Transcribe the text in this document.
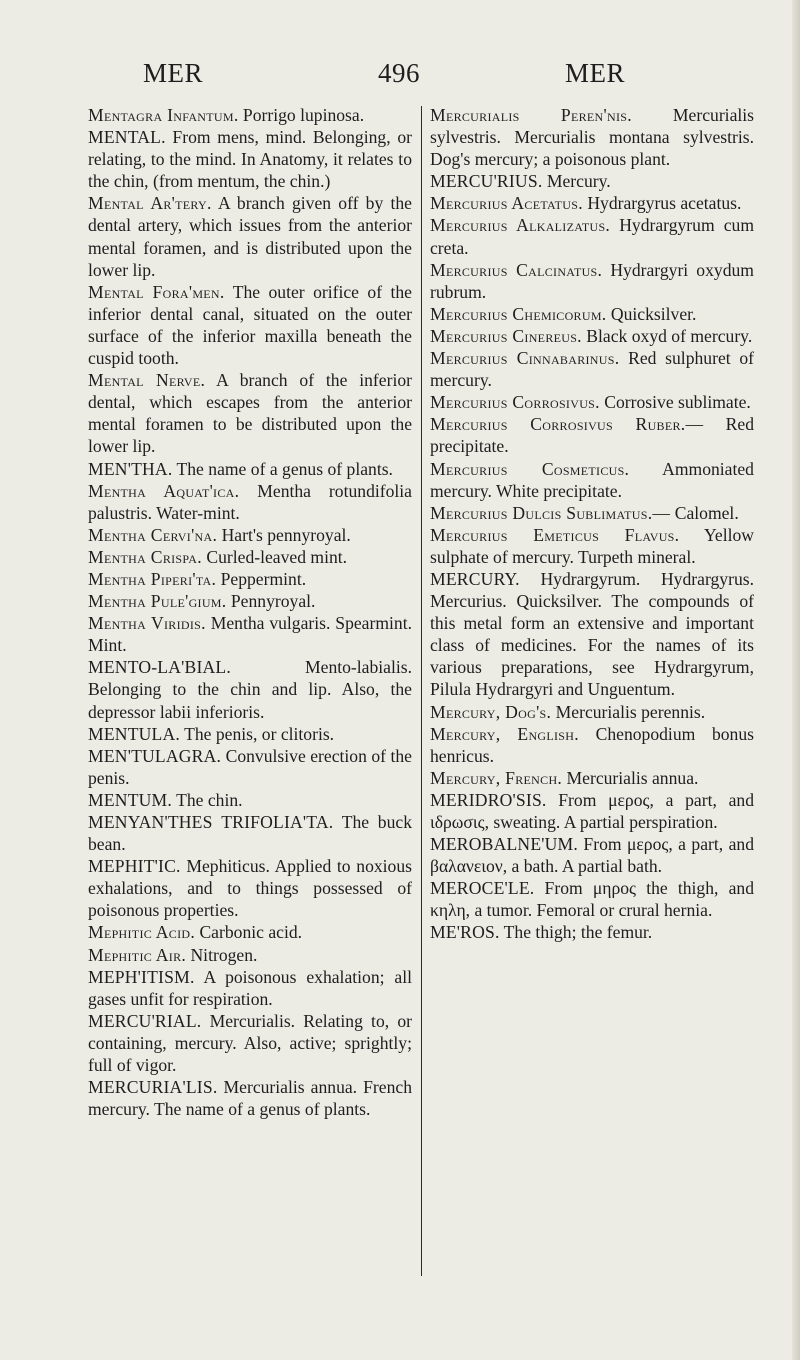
MER	496	MER

Mentagra Infantum. Porrigo lupinosa.

MENTAL. From mens, mind. Belonging, or relating, to the mind. In Anatomy, it relates to the chin, (from mentum, the chin.)

Mental Ar'tery. A branch given off by the dental artery, which issues from the anterior mental foramen, and is distributed upon the lower lip.

Mental Fora'men. The outer orifice of the inferior dental canal, situated on the outer surface of the inferior maxilla beneath the cuspid tooth.

Mental Nerve. A branch of the inferior dental, which escapes from the anterior mental foramen to be distributed upon the lower lip.

MEN'THA. The name of a genus of plants.

Mentha Aquat'ica. Mentha rotundifolia palustris. Water-mint.

Mentha Cervi'na. Hart's pennyroyal.

Mentha Crispa. Curled-leaved mint.

Mentha Piperi'ta. Peppermint.

Mentha Pule'gium. Pennyroyal.

Mentha Viridis. Mentha vulgaris. Spearmint. Mint.

MENTO-LA'BIAL. Mento-labialis. Belonging to the chin and lip. Also, the depressor labii inferioris.

MENTULA. The penis, or clitoris.

MEN'TULAGRA. Convulsive erection of the penis.

MENTUM. The chin.

MENYAN'THES TRIFOLIA'TA. The buck bean.

MEPHIT'IC. Mephiticus. Applied to noxious exhalations, and to things possessed of poisonous properties.

Mephitic Acid. Carbonic acid.

Mephitic Air. Nitrogen.

MEPH'ITISM. A poisonous exhalation; all gases unfit for respiration.

MERCU'RIAL. Mercurialis. Relating to, or containing, mercury. Also, active; sprightly; full of vigor.

MERCURIA'LIS. Mercurialis annua. French mercury. The name of a genus of plants.

Mercurialis Peren'nis. Mercurialis sylvestris. Mercurialis montana sylvestris. Dog's mercury; a poisonous plant.

MERCU'RIUS. Mercury.

Mercurius Acetatus. Hydrargyrus acetatus.

Mercurius Alkalizatus. Hydrargyrum cum creta.

Mercurius Calcinatus. Hydrargyri oxydum rubrum.

Mercurius Chemicorum. Quicksilver.

Mercurius Cinereus. Black oxyd of mercury.

Mercurius Cinnabarinus. Red sulphuret of mercury.

Mercurius Corrosivus. Corrosive sublimate.

Mercurius Corrosivus Ruber.— Red precipitate.

Mercurius Cosmeticus. Ammoniated mercury. White precipitate.

Mercurius Dulcis Sublimatus.— Calomel.

Mercurius Emeticus Flavus. Yellow sulphate of mercury. Turpeth mineral.

MERCURY. Hydrargyrum. Hydrargyrus. Mercurius. Quicksilver. The compounds of this metal form an extensive and important class of medicines. For the names of its various preparations, see Hydrargyrum, Pilula Hydrargyri and Unguentum.

Mercury, Dog's. Mercurialis perennis.

Mercury, English. Chenopodium bonus henricus.

Mercury, French. Mercurialis annua.

MERIDRO'SIS. From μερος, a part, and ιδρωσις, sweating. A partial perspiration.

MEROBALNE'UM. From μερος, a part, and βαλανειον, a bath. A partial bath.

MEROCE'LE. From μηρος the thigh, and κηλη, a tumor. Femoral or crural hernia.

ME'ROS. The thigh; the femur.
